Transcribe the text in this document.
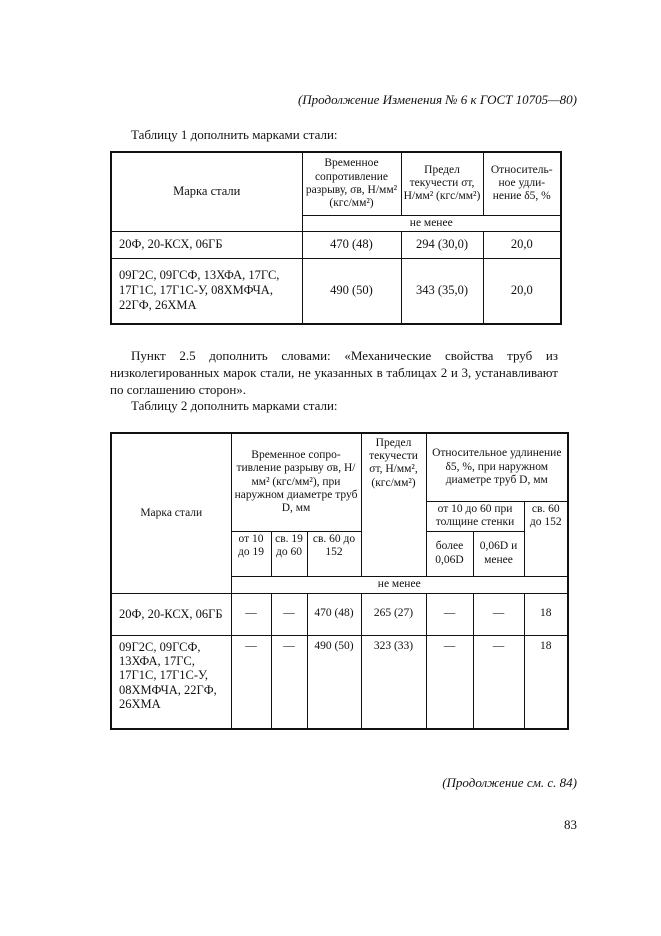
(Продолжение Изменения № 6 к ГОСТ 10705—80)
Таблицу 1 дополнить марками стали:
Марка стали	Временное сопротивление разрыву, σв, Н/мм² (кгс/мм²)	Предел текучести σт, Н/мм² (кгс/мм²)	Относитель-ное удли-нение δ5, %
	не менее		
20Ф, 20-КСХ, 06ГБ	470 (48)	294 (30,0)	20,0
09Г2С, 09ГСФ, 13ХФА, 17ГС, 17Г1С, 17Г1С-У, 08ХМФЧА, 22ГФ, 26ХМА	490 (50)	343 (35,0)	20,0
Пункт 2.5 дополнить словами: «Механические свойства труб из низколегированных марок стали, не указанных в таблицах 2 и 3, устанавливают по соглашению сторон».
Таблицу 2 дополнить марками стали:
Марка стали	Временное сопро-тивление разрыву σв, Н/мм² (кгс/мм²), при наружном диаметре труб D, мм			Предел текучести σт, Н/мм², (кгс/мм²)	Относительное удлинение δ5, %, при наружном диаметре труб D, мм		
					от 10 до 60 при толщине стенки		св. 60 до 152
	от 10 до 19	св. 19 до 60	св. 60 до 152		более 0,06D	0,06D и менее	
	не менее						
20Ф, 20-КСХ, 06ГБ	—	—	470 (48)	265 (27)	—	—	18
09Г2С, 09ГСФ, 13ХФА, 17ГС, 17Г1С, 17Г1С-У, 08ХМФЧА, 22ГФ, 26ХМА	—	—	490 (50)	323 (33)	—	—	18
(Продолжение см. с. 84)
83
